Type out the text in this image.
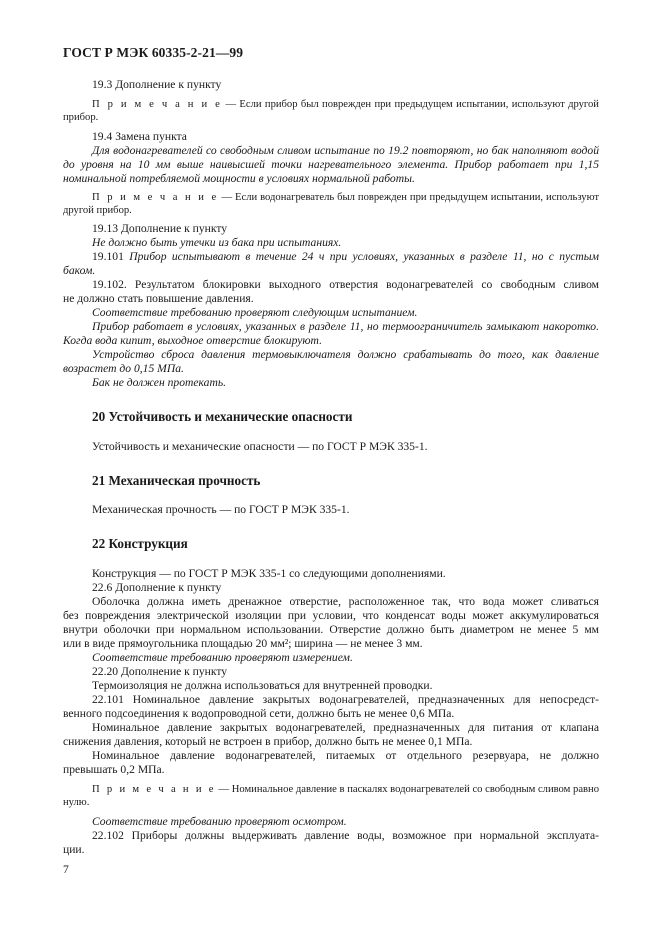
ГОСТ Р МЭК 60335-2-21—99
19.3 Дополнение к пункту
П р и м е ч а н и е — Если прибор был поврежден при предыдущем испытании, используют другой
прибор.
19.4 Замена пункта
Для водонагревателей со свободным сливом испытание по 19.2 повторяют, но бак наполняют водой
до уровня на 10 мм выше наивысшей точки нагревательного элемента. Прибор работает при 1,15
номинальной потребляемой мощности в условиях нормальной работы.
П р и м е ч а н и е — Если водонагреватель был поврежден при предыдущем испытании, используют
другой прибор.
19.13 Дополнение к пункту
Не должно быть утечки из бака при испытаниях.
19.101 Прибор испытывают в течение 24 ч при условиях, указанных в разделе 11, но с пустым
баком.
19.102. Результатом блокировки выходного отверстия водонагревателей со свободным сливом
не должно стать повышение давления.
Соответствие требованию проверяют следующим испытанием.
Прибор работает в условиях, указанных в разделе 11, но термоограничитель замыкают накоротко.
Когда вода кипит, выходное отверстие блокируют.
Устройство сброса давления термовыключателя должно срабатывать до того, как давление
возрастет до 0,15 МПа.
Бак не должен протекать.
20 Устойчивость и механические опасности
Устойчивость и механические опасности — по ГОСТ Р МЭК 335-1.
21 Механическая прочность
Механическая прочность — по ГОСТ Р МЭК 335-1.
22 Конструкция
Конструкция — по ГОСТ Р МЭК 335-1 со следующими дополнениями.
22.6 Дополнение к пункту
Оболочка должна иметь дренажное отверстие, расположенное так, что вода может сливаться
без повреждения электрической изоляции при условии, что конденсат воды может аккумулироваться
внутри оболочки при нормальном использовании. Отверстие должно быть диаметром не менее 5 мм
или в виде прямоугольника площадью 20 мм²; ширина — не менее 3 мм.
Соответствие требованию проверяют измерением.
22.20 Дополнение к пункту
Термоизоляция не должна использоваться для внутренней проводки.
22.101 Номинальное давление закрытых водонагревателей, предназначенных для непосредст-
венного подсоединения к водопроводной сети, должно быть не менее 0,6 МПа.
Номинальное давление закрытых водонагревателей, предназначенных для питания от клапана
снижения давления, который не встроен в прибор, должно быть не менее 0,1 МПа.
Номинальное давление водонагревателей, питаемых от отдельного резервуара, не должно
превышать 0,2 МПа.
П р и м е ч а н и е — Номинальное давление в паскалях водонагревателей со свободным сливом равно
нулю.
Соответствие требованию проверяют осмотром.
22.102 Приборы должны выдерживать давление воды, возможное при нормальной эксплуата-
ции.
7
